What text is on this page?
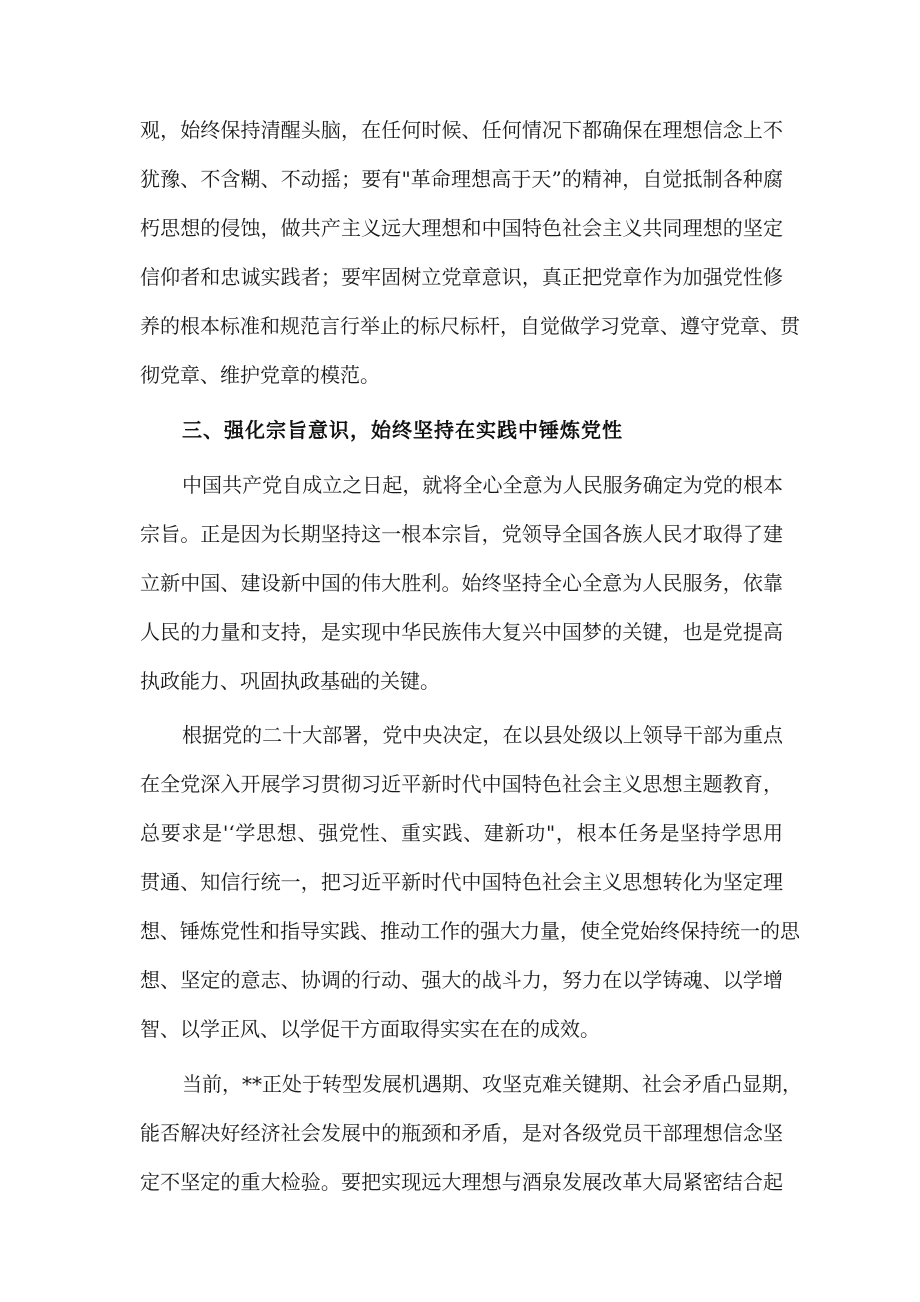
观，始终保持清醒头脑，在任何时候、任何情况下都确保在理想信念上不
犹豫、不含糊、不动摇；要有"革命理想高于天”的精神，自觉抵制各种腐
朽思想的侵蚀，做共产主义远大理想和中国特色社会主义共同理想的坚定
信仰者和忠诚实践者；要牢固树立党章意识，真正把党章作为加强党性修
养的根本标准和规范言行举止的标尺标杆，自觉做学习党章、遵守党章、贯
彻党章、维护党章的模范。
三、强化宗旨意识，始终坚持在实践中锤炼党性
中国共产党自成立之日起，就将全心全意为人民服务确定为党的根本
宗旨。正是因为长期坚持这一根本宗旨，党领导全国各族人民才取得了建
立新中国、建设新中国的伟大胜利。始终坚持全心全意为人民服务，依靠
人民的力量和支持，是实现中华民族伟大复兴中国梦的关键，也是党提高
执政能力、巩固执政基础的关键。
根据党的二十大部署，党中央决定，在以县处级以上领导干部为重点
在全党深入开展学习贯彻习近平新时代中国特色社会主义思想主题教育，
总要求是'‘学思想、强党性、重实践、建新功"，根本任务是坚持学思用
贯通、知信行统一，把习近平新时代中国特色社会主义思想转化为坚定理
想、锤炼党性和指导实践、推动工作的强大力量，使全党始终保持统一的思
想、坚定的意志、协调的行动、强大的战斗力，努力在以学铸魂、以学增
智、以学正风、以学促干方面取得实实在在的成效。
当前，**正处于转型发展机遇期、攻坚克难关键期、社会矛盾凸显期，
能否解决好经济社会发展中的瓶颈和矛盾，是对各级党员干部理想信念坚
定不坚定的重大检验。要把实现远大理想与酒泉发展改革大局紧密结合起
